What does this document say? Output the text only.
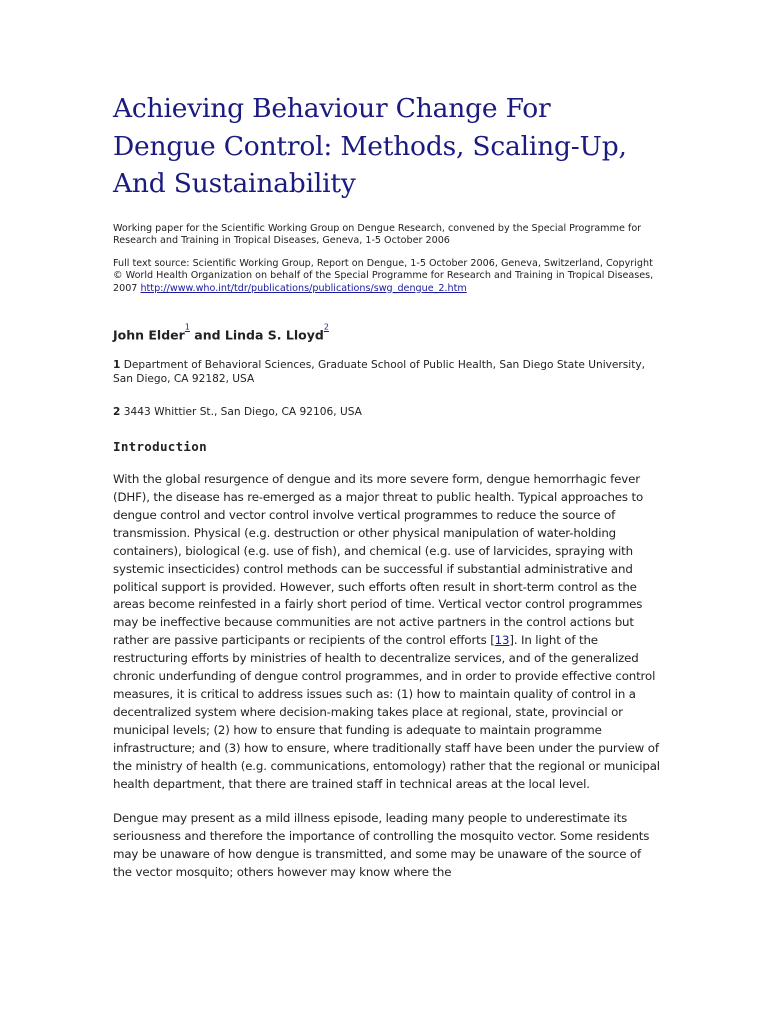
Achieving Behaviour Change For Dengue Control: Methods, Scaling-Up, And Sustainability

Working paper for the Scientific Working Group on Dengue Research, convened by the Special Programme for Research and Training in Tropical Diseases, Geneva, 1-5 October 2006

Full text source: Scientific Working Group, Report on Dengue, 1-5 October 2006, Geneva, Switzerland, Copyright © World Health Organization on behalf of the Special Programme for Research and Training in Tropical Diseases, 2007 http://www.who.int/tdr/publications/publications/swg_dengue_2.htm

John Elder$^{^1}$ and Linda S. Lloyd$^{^2}$

1 Department of Behavioral Sciences, Graduate School of Public Health, San Diego State University, San Diego, CA 92182, USA

2 3443 Whittier St., San Diego, CA 92106, USA

Introduction

With the global resurgence of dengue and its more severe form, dengue hemorrhagic fever (DHF), the disease has re-emerged as a major threat to public health. Typical approaches to dengue control and vector control involve vertical programmes to reduce the source of transmission. Physical (e.g. destruction or other physical manipulation of water-holding containers), biological (e.g. use of fish), and chemical (e.g. use of larvicides, spraying with systemic insecticides) control methods can be successful if substantial administrative and political support is provided. However, such efforts often result in short-term control as the areas become reinfested in a fairly short period of time. Vertical vector control programmes may be ineffective because communities are not active partners in the control actions but rather are passive participants or recipients of the control efforts [13]. In light of the restructuring efforts by ministries of health to decentralize services, and of the generalized chronic underfunding of dengue control programmes, and in order to provide effective control measures, it is critical to address issues such as: (1) how to maintain quality of control in a decentralized system where decision-making takes place at regional, state, provincial or municipal levels; (2) how to ensure that funding is adequate to maintain programme infrastructure; and (3) how to ensure, where traditionally staff have been under the purview of the ministry of health (e.g. communications, entomology) rather that the regional or municipal health department, that there are trained staff in technical areas at the local level.

Dengue may present as a mild illness episode, leading many people to underestimate its seriousness and therefore the importance of controlling the mosquito vector. Some residents may be unaware of how dengue is transmitted, and some may be unaware of the source of the vector mosquito; others however may know where the
